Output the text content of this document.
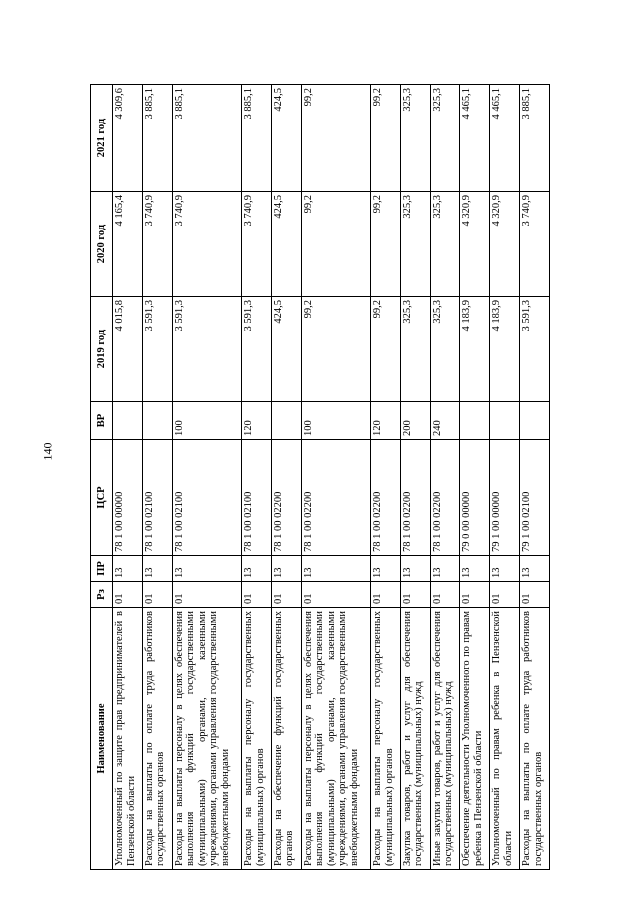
140
Наименование	Рз	ПР	ЦСР	ВР	2019 год	2020 год	2021 год
Уполномоченный по защите прав предпринимателей в Пензенской области	01	13	78 1 00 00000		4 015,8	4 165,4	4 309,6
Расходы на выплаты по оплате труда работников государственных органов	01	13	78 1 00 02100		3 591,3	3 740,9	3 885,1
Расходы на выплаты персоналу в целях обеспечения выполнения функций государственными (муниципальными) органами, казенными учреждениями, органами управления государственными внебюджетными фондами	01	13	78 1 00 02100	100	3 591,3	3 740,9	3 885,1
Расходы на выплаты персоналу государственных (муниципальных) органов	01	13	78 1 00 02100	120	3 591,3	3 740,9	3 885,1
Расходы на обеспечение функций государственных органов	01	13	78 1 00 02200		424,5	424,5	424,5
Расходы на выплаты персоналу в целях обеспечения выполнения функций государственными (муниципальными) органами, казенными учреждениями, органами управления государственными внебюджетными фондами	01	13	78 1 00 02200	100	99,2	99,2	99,2
Расходы на выплаты персоналу государственных (муниципальных) органов	01	13	78 1 00 02200	120	99,2	99,2	99,2
Закупка товаров, работ и услуг для обеспечения государственных (муниципальных) нужд	01	13	78 1 00 02200	200	325,3	325,3	325,3
Иные закупки товаров, работ и услуг для обеспечения государственных (муниципальных) нужд	01	13	78 1 00 02200	240	325,3	325,3	325,3
Обеспечение деятельности Уполномоченного по правам ребенка в Пензенской области	01	13	79 0 00 00000		4 183,9	4 320,9	4 465,1
Уполномоченный по правам ребенка в Пензенской области	01	13	79 1 00 00000		4 183,9	4 320,9	4 465,1
Расходы на выплаты по оплате труда работников государственных органов	01	13	79 1 00 02100		3 591,3	3 740,9	3 885,1
